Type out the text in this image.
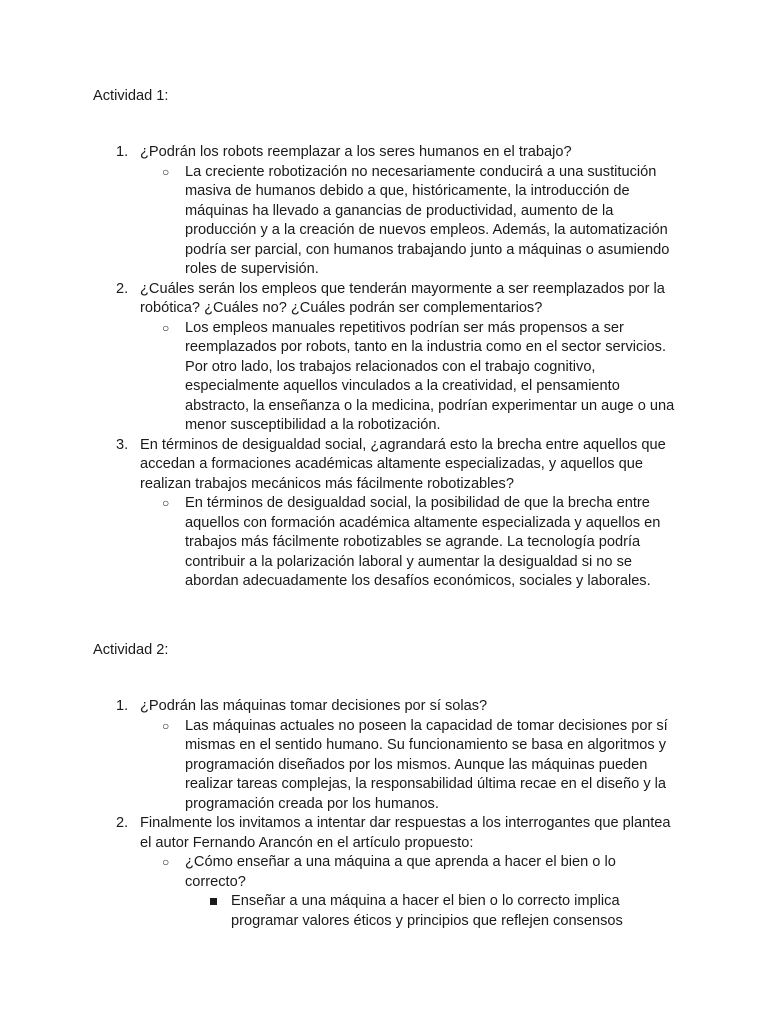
Actividad 1:
1. ¿Podrán los robots reemplazar a los seres humanos en el trabajo?
○ La creciente robotización no necesariamente conducirá a una sustitución masiva de humanos debido a que, históricamente, la introducción de máquinas ha llevado a ganancias de productividad, aumento de la producción y a la creación de nuevos empleos. Además, la automatización podría ser parcial, con humanos trabajando junto a máquinas o asumiendo roles de supervisión.
2. ¿Cuáles serán los empleos que tenderán mayormente a ser reemplazados por la robótica? ¿Cuáles no? ¿Cuáles podrán ser complementarios?
○ Los empleos manuales repetitivos podrían ser más propensos a ser reemplazados por robots, tanto en la industria como en el sector servicios. Por otro lado, los trabajos relacionados con el trabajo cognitivo, especialmente aquellos vinculados a la creatividad, el pensamiento abstracto, la enseñanza o la medicina, podrían experimentar un auge o una menor susceptibilidad a la robotización.
3. En términos de desigualdad social, ¿agrandará esto la brecha entre aquellos que accedan a formaciones académicas altamente especializadas, y aquellos que realizan trabajos mecánicos más fácilmente robotizables?
○ En términos de desigualdad social, la posibilidad de que la brecha entre aquellos con formación académica altamente especializada y aquellos en trabajos más fácilmente robotizables se agrande. La tecnología podría contribuir a la polarización laboral y aumentar la desigualdad si no se abordan adecuadamente los desafíos económicos, sociales y laborales.
Actividad 2:
1. ¿Podrán las máquinas tomar decisiones por sí solas?
○ Las máquinas actuales no poseen la capacidad de tomar decisiones por sí mismas en el sentido humano. Su funcionamiento se basa en algoritmos y programación diseñados por los mismos. Aunque las máquinas pueden realizar tareas complejas, la responsabilidad última recae en el diseño y la programación creada por los humanos.
2. Finalmente los invitamos a intentar dar respuestas a los interrogantes que plantea el autor Fernando Arancón en el artículo propuesto:
○ ¿Cómo enseñar a una máquina a que aprenda a hacer el bien o lo correcto?
Enseñar a una máquina a hacer el bien o lo correcto implica programar valores éticos y principios que reflejen consensos
